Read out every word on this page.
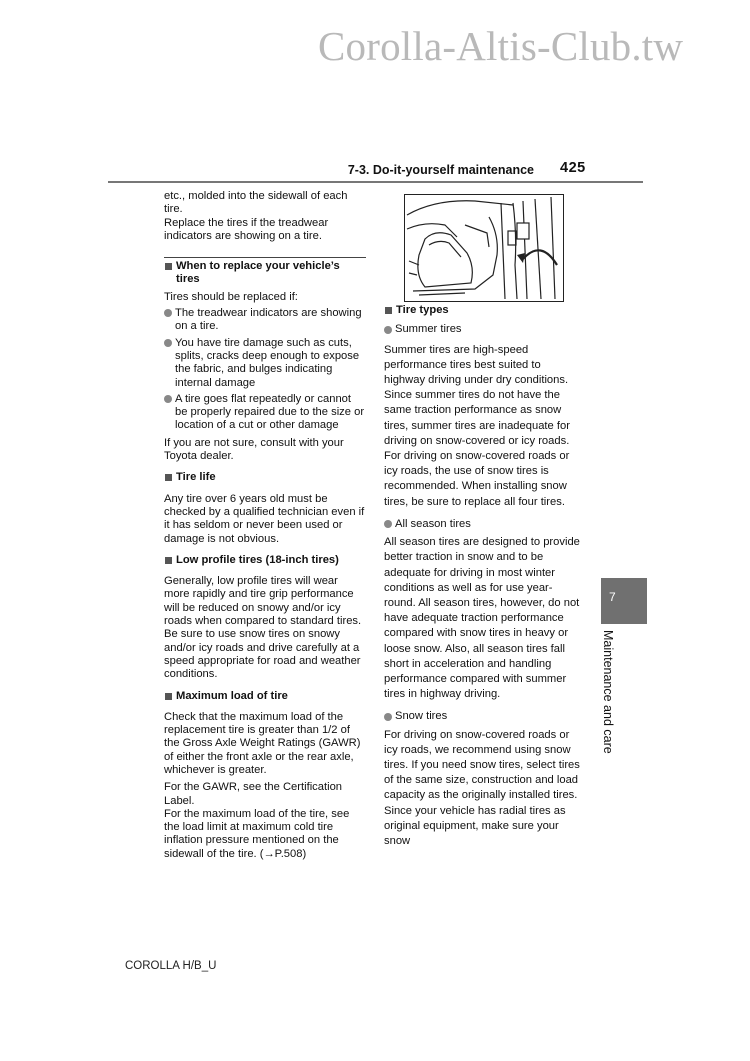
Corolla-Altis-Club.tw
7-3. Do-it-yourself maintenance 425

etc., molded into the sidewall of each tire.

Replace the tires if the treadwear indicators are showing on a tire.

When to replace your vehicle’s tires

Tires should be replaced if:

The treadwear indicators are showing on a tire.
You have tire damage such as cuts, splits, cracks deep enough to expose the fabric, and bulges indicating internal damage
A tire goes flat repeatedly or cannot be properly repaired due to the size or location of a cut or other damage

If you are not sure, consult with your Toyota dealer.

Tire life

Any tire over 6 years old must be checked by a qualified technician even if it has seldom or never been used or damage is not obvious.

Low profile tires (18-inch tires)

Generally, low profile tires will wear more rapidly and tire grip performance will be reduced on snowy and/or icy roads when compared to standard tires. Be sure to use snow tires on snowy and/or icy roads and drive carefully at a speed appropriate for road and weather conditions.

Maximum load of tire

Check that the maximum load of the replacement tire is greater than 1/2 of the Gross Axle Weight Ratings (GAWR) of either the front axle or the rear axle, whichever is greater.

For the GAWR, see the Certification Label.

For the maximum load of the tire, see the load limit at maximum cold tire inflation pressure mentioned on the sidewall of the tire. (→P.508)

Tire types
Summer tires

Summer tires are high-speed performance tires best suited to highway driving under dry conditions. Since summer tires do not have the same traction performance as snow tires, summer tires are inadequate for driving on snow-covered or icy roads. For driving on snow-covered roads or icy roads, the use of snow tires is recommended. When installing snow tires, be sure to replace all four tires.

All season tires

All season tires are designed to provide better traction in snow and to be adequate for driving in most winter conditions as well as for use year-round. All season tires, however, do not have adequate traction performance compared with snow tires in heavy or loose snow. Also, all season tires fall short in acceleration and handling performance compared with summer tires in highway driving.

Snow tires

For driving on snow-covered roads or icy roads, we recommend using snow tires. If you need snow tires, select tires of the same size, construction and load capacity as the originally installed tires. Since your vehicle has radial tires as original equipment, make sure your snow

7
Maintenance and care
COROLLA H/B_U
